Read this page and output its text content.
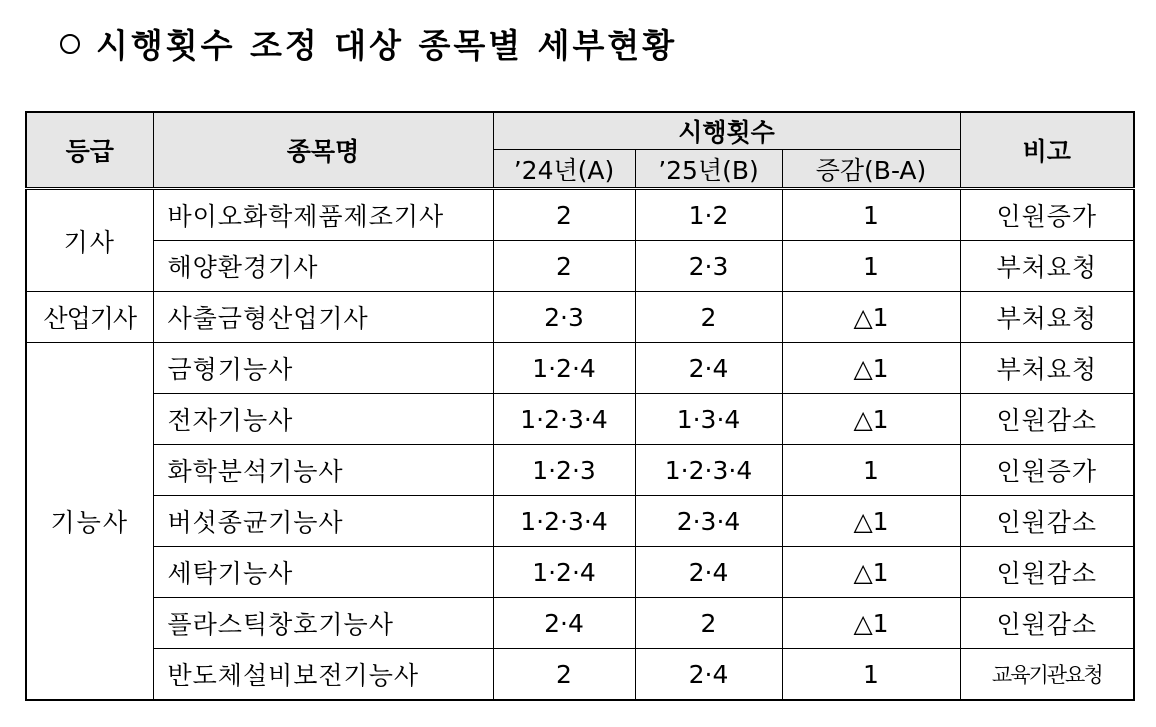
시행횟수 조정 대상 종목별 세부현황
등급	종목명	시행횟수			비고
		’24년(A)	’25년(B)	증감(B-A)	
기사	바이오화학제품제조기사	2	1·2	1	인원증가
	해양환경기사	2	2·3	1	부처요청
산업기사	사출금형산업기사	2·3	2	△1	부처요청
기능사	금형기능사	1·2·4	2·4	△1	부처요청
	전자기능사	1·2·3·4	1·3·4	△1	인원감소
	화학분석기능사	1·2·3	1·2·3·4	1	인원증가
	버섯종균기능사	1·2·3·4	2·3·4	△1	인원감소
	세탁기능사	1·2·4	2·4	△1	인원감소
	플라스틱창호기능사	2·4	2	△1	인원감소
	반도체설비보전기능사	2	2·4	1	교육기관요청
